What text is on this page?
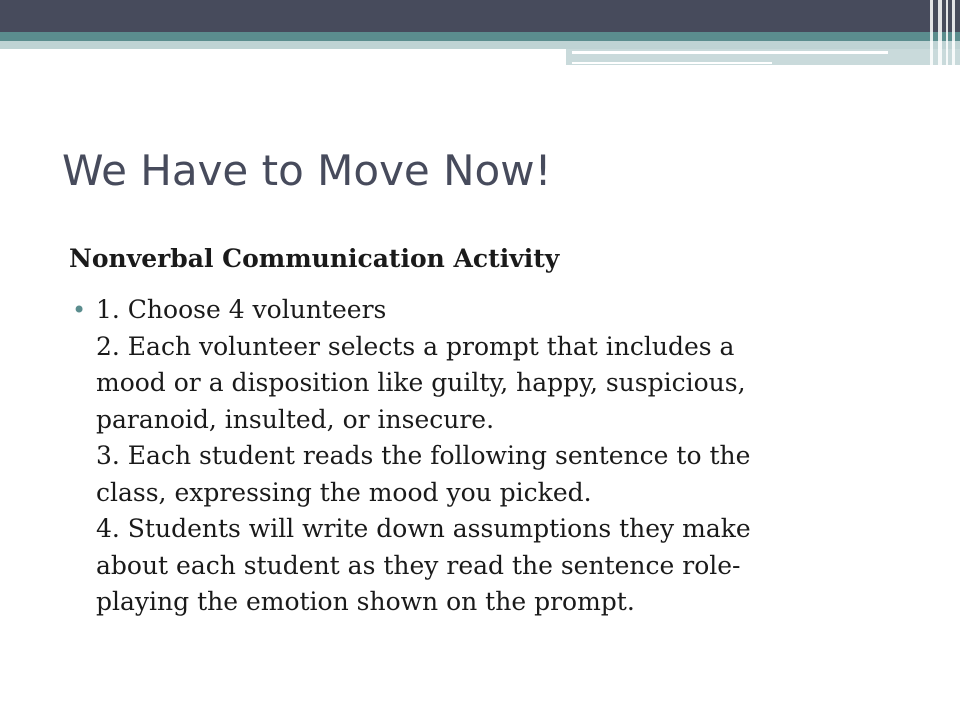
We Have to Move Now!

Nonverbal Communication Activity

• 1. Choose 4 volunteers
2. Each volunteer selects a prompt that includes a
mood or a disposition like guilty, happy, suspicious,
paranoid, insulted, or insecure.
3. Each student reads the following sentence to the
class, expressing the mood you picked.
4. Students will write down assumptions they make
about each student as they read the sentence role-
playing the emotion shown on the prompt.
